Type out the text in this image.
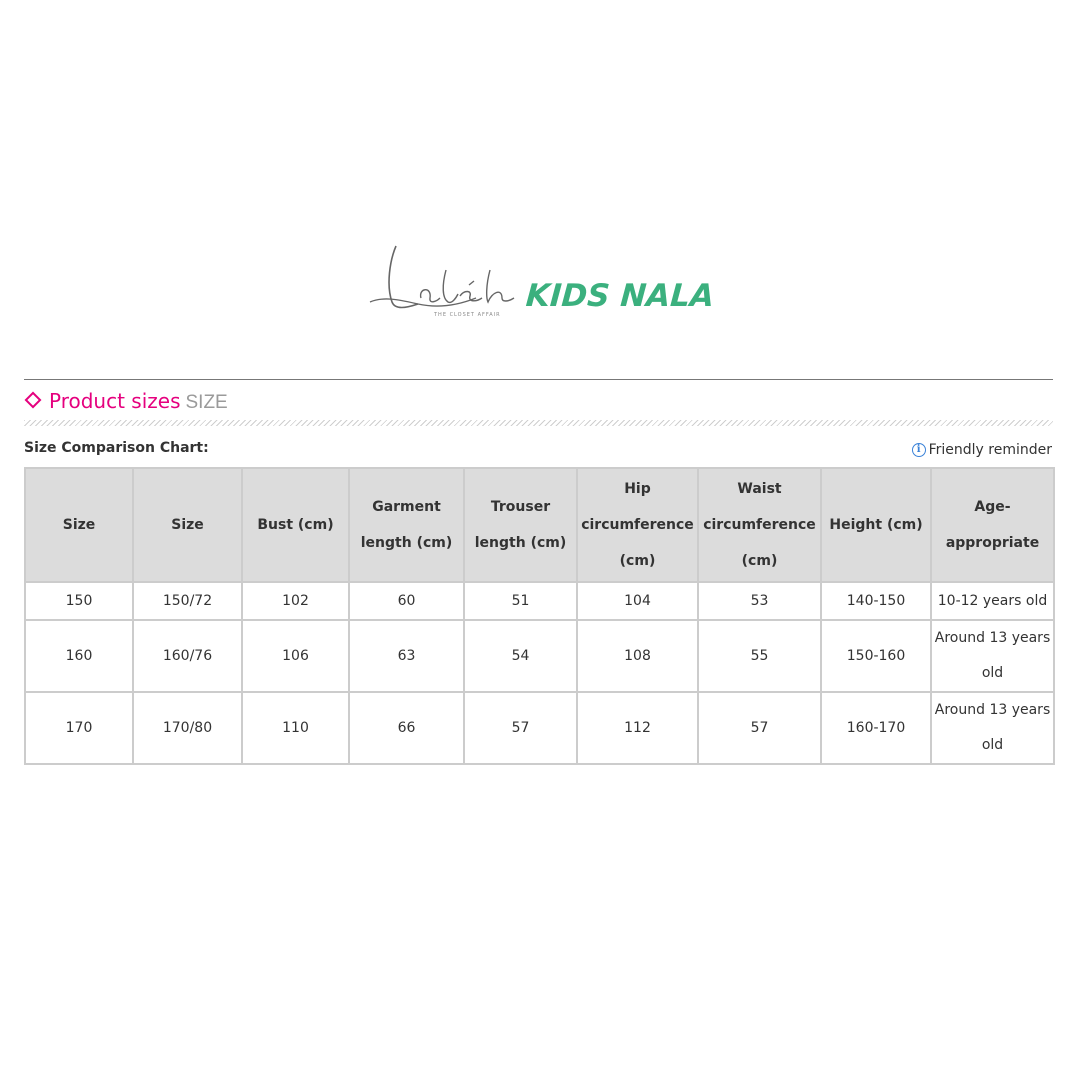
THE CLOSET AFFAIR
KIDS NALA
Product sizes SIZE
Size Comparison Chart:	i Friendly reminder
Size	Size	Bust (cm)	Garment length (cm)	Trouser length (cm)	Hip circumference (cm)	Waist circumference (cm)	Height (cm)	Age-appropriate
150	150/72	102	60	51	104	53	140-150	10-12 years old
160	160/76	106	63	54	108	55	150-160	Around 13 years old
170	170/80	110	66	57	112	57	160-170	Around 13 years old
